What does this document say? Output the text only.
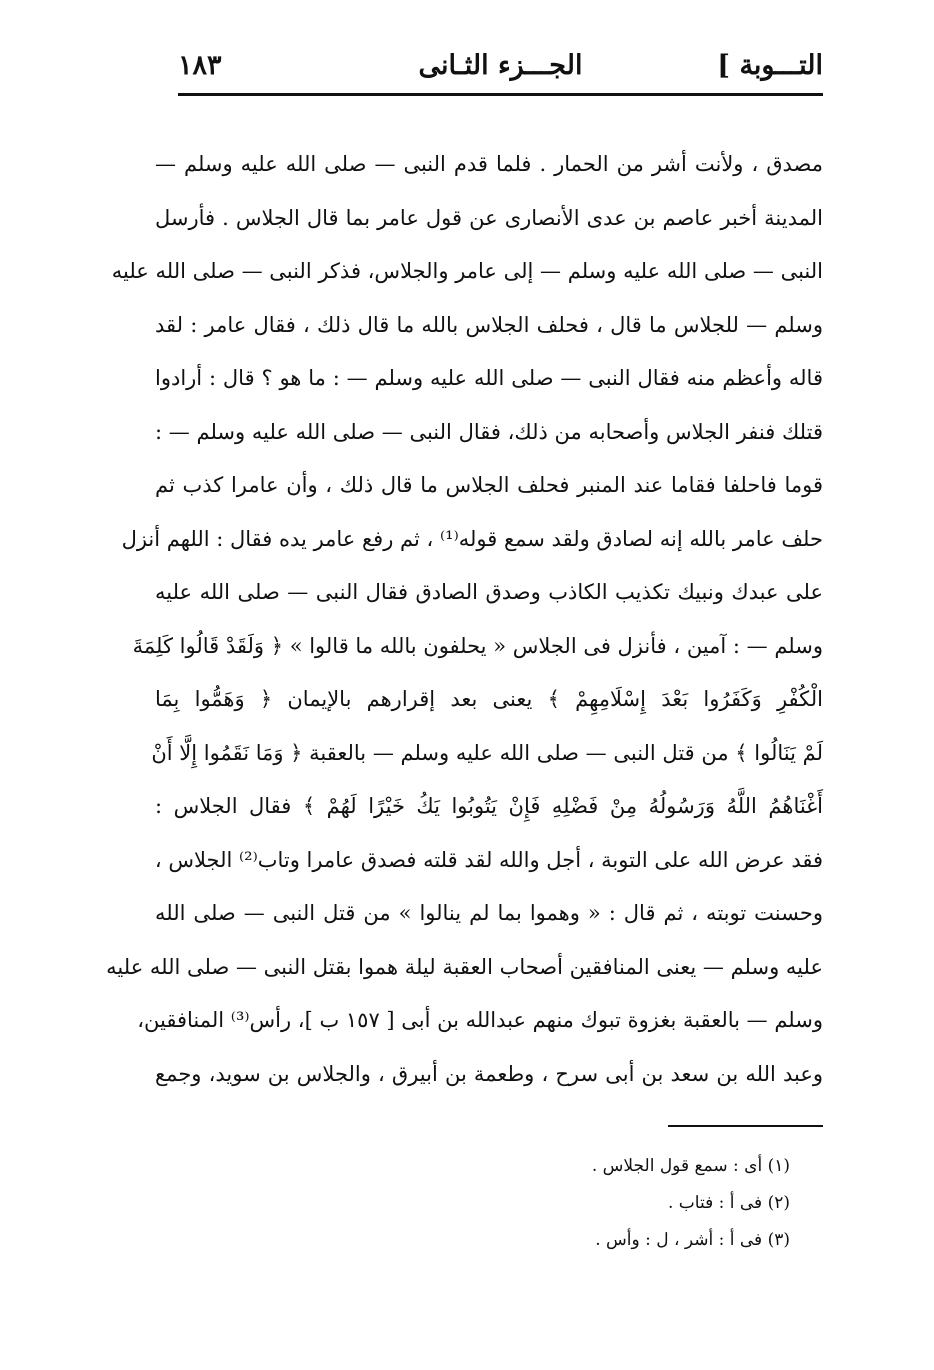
التـــوبة ]
الجـــزء الثـانى
١٨٣
مصدق ، ولأنت أشر من الحمار . فلما قدم النبى — صلى الله عليه وسلم —
المدينة أخبر عاصم بن عدى الأنصارى عن قول عامر بما قال الجلاس . فأرسل
النبى — صلى الله عليه وسلم — إلى عامر والجلاس، فذكر النبى — صلى الله عليه
وسلم — للجلاس ما قال ، فحلف الجلاس بالله ما قال ذلك ، فقال عامر : لقد
قاله وأعظم منه فقال النبى — صلى الله عليه وسلم — : ما هو ؟ قال : أرادوا
قتلك فنفر الجلاس وأصحابه من ذلك، فقال النبى — صلى الله عليه وسلم — :
قوما فاحلفا فقاما عند المنبر فحلف الجلاس ما قال ذلك ، وأن عامرا كذب ثم
حلف عامر بالله إنه لصادق ولقد سمع قوله⁽¹⁾ ، ثم رفع عامر يده فقال : اللهم أنزل
على عبدك ونبيك تكذيب الكاذب وصدق الصادق فقال النبى — صلى الله عليه
وسلم — : آمين ، فأنزل فى الجلاس « يحلفون بالله ما قالوا » ﴿ وَلَقَدْ قَالُوا كَلِمَةَ
الْكُفْرِ وَكَفَرُوا بَعْدَ إِسْلَامِهِمْ ﴾ يعنى بعد إقرارهم بالإيمان ﴿ وَهَمُّوا بِمَا
لَمْ يَنَالُوا ﴾ من قتل النبى — صلى الله عليه وسلم — بالعقبة ﴿ وَمَا نَقَمُوا إِلَّا أَنْ
أَغْنَاهُمُ اللَّهُ وَرَسُولُهُ مِنْ فَضْلِهِ فَإِنْ يَتُوبُوا يَكُ خَيْرًا لَهُمْ ﴾ فقال الجلاس :
فقد عرض الله على التوبة ، أجل والله لقد قلته فصدق عامرا وتاب⁽²⁾ الجلاس ،
وحسنت توبته ، ثم قال : « وهموا بما لم ينالوا » من قتل النبى — صلى الله
عليه وسلم — يعنى المنافقين أصحاب العقبة ليلة هموا بقتل النبى — صلى الله عليه
وسلم — بالعقبة بغزوة تبوك منهم عبدالله بن أبى [ ١٥٧ ب ]، رأس⁽³⁾ المنافقين،
وعبد الله بن سعد بن أبى سرح ، وطعمة بن أبيرق ، والجلاس بن سويد، وجمع
(١) أى : سمع قول الجلاس .
(٢) فى أ : فتاب .
(٣) فى أ : أشر ، ل : وأس .
